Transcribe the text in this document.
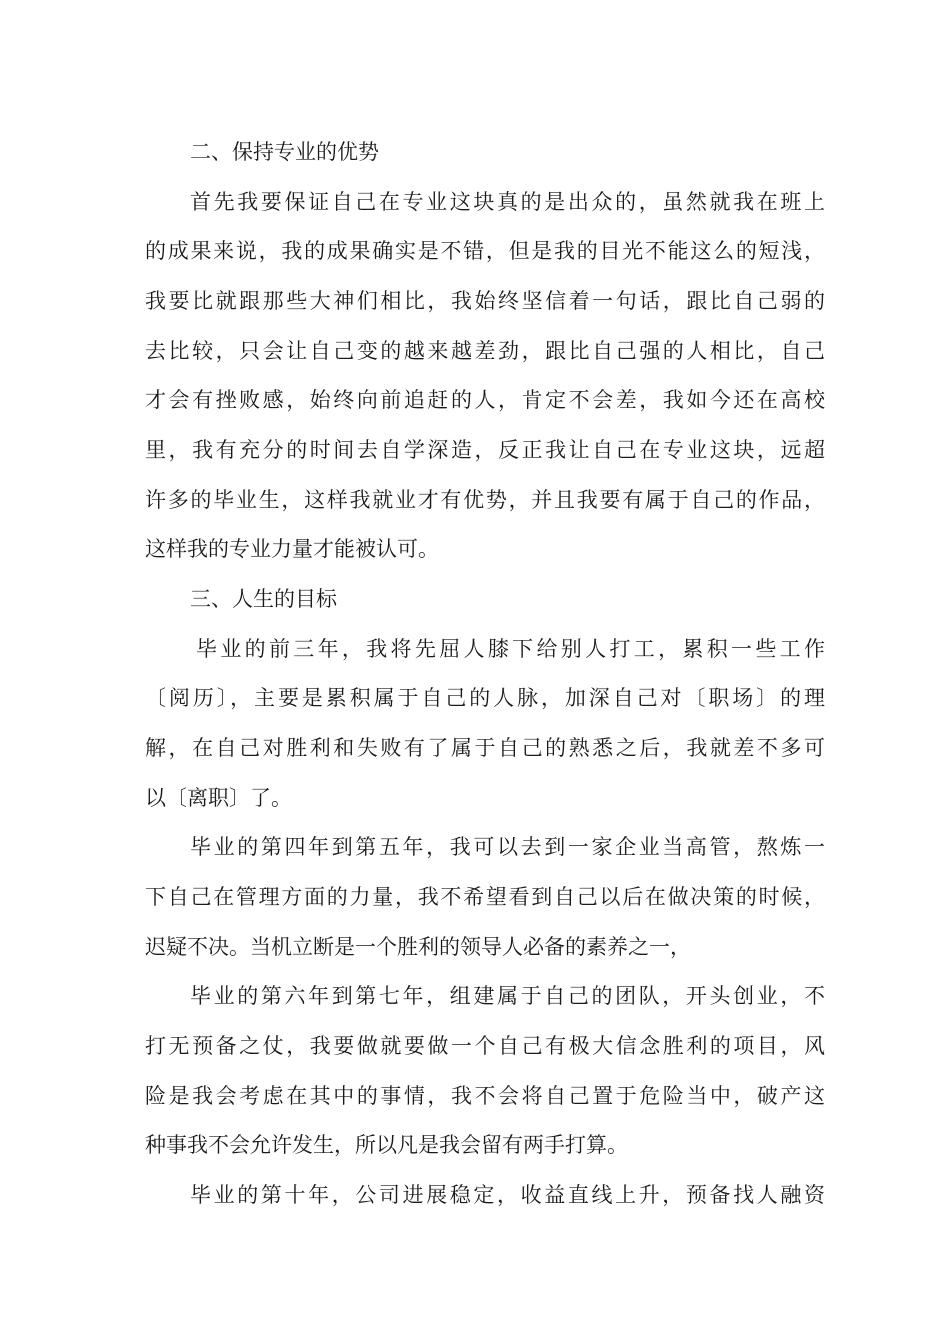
二、保持专业的优势
首先我要保证自己在专业这块真的是出众的，虽然就我在班上
的成果来说，我的成果确实是不错，但是我的目光不能这么的短浅，
我要比就跟那些大神们相比，我始终坚信着一句话，跟比自己弱的
去比较，只会让自己变的越来越差劲，跟比自己强的人相比，自己
才会有挫败感，始终向前追赶的人，肯定不会差，我如今还在高校
里，我有充分的时间去自学深造，反正我让自己在专业这块，远超
许多的毕业生，这样我就业才有优势，并且我要有属于自己的作品，
这样我的专业力量才能被认可。
三、人生的目标
毕业的前三年，我将先屈人膝下给别人打工，累积一些工作
〔阅历〕，主要是累积属于自己的人脉，加深自己对〔职场〕的理
解，在自己对胜利和失败有了属于自己的熟悉之后，我就差不多可
以〔离职〕了。
毕业的第四年到第五年，我可以去到一家企业当高管，熬炼一
下自己在管理方面的力量，我不希望看到自己以后在做决策的时候，
迟疑不决。当机立断是一个胜利的领导人必备的素养之一，
毕业的第六年到第七年，组建属于自己的团队，开头创业，不
打无预备之仗，我要做就要做一个自己有极大信念胜利的项目，风
险是我会考虑在其中的事情，我不会将自己置于危险当中，破产这
种事我不会允许发生，所以凡是我会留有两手打算。
毕业的第十年，公司进展稳定，收益直线上升，预备找人融资
